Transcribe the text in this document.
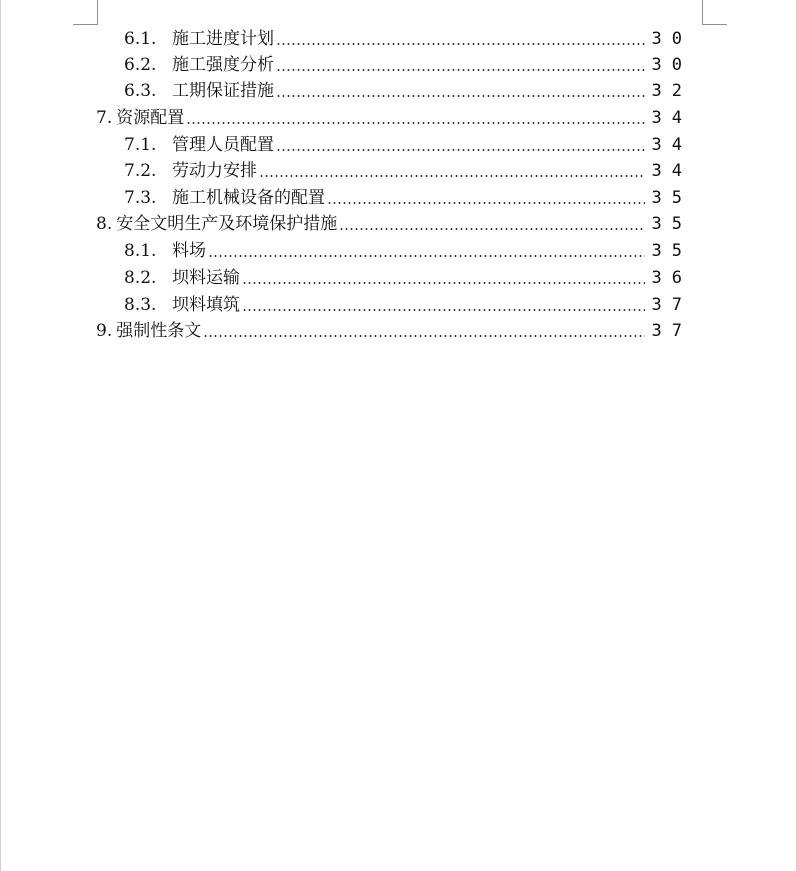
6.1. 施工进度计划	30
6.2. 施工强度分析	30
6.3. 工期保证措施	32
7. 资源配置	34
7.1. 管理人员配置	34
7.2. 劳动力安排	34
7.3. 施工机械设备的配置	35
8. 安全文明生产及环境保护措施	35
8.1. 料场	35
8.2. 坝料运输	36
8.3. 坝料填筑	37
9. 强制性条文	37
